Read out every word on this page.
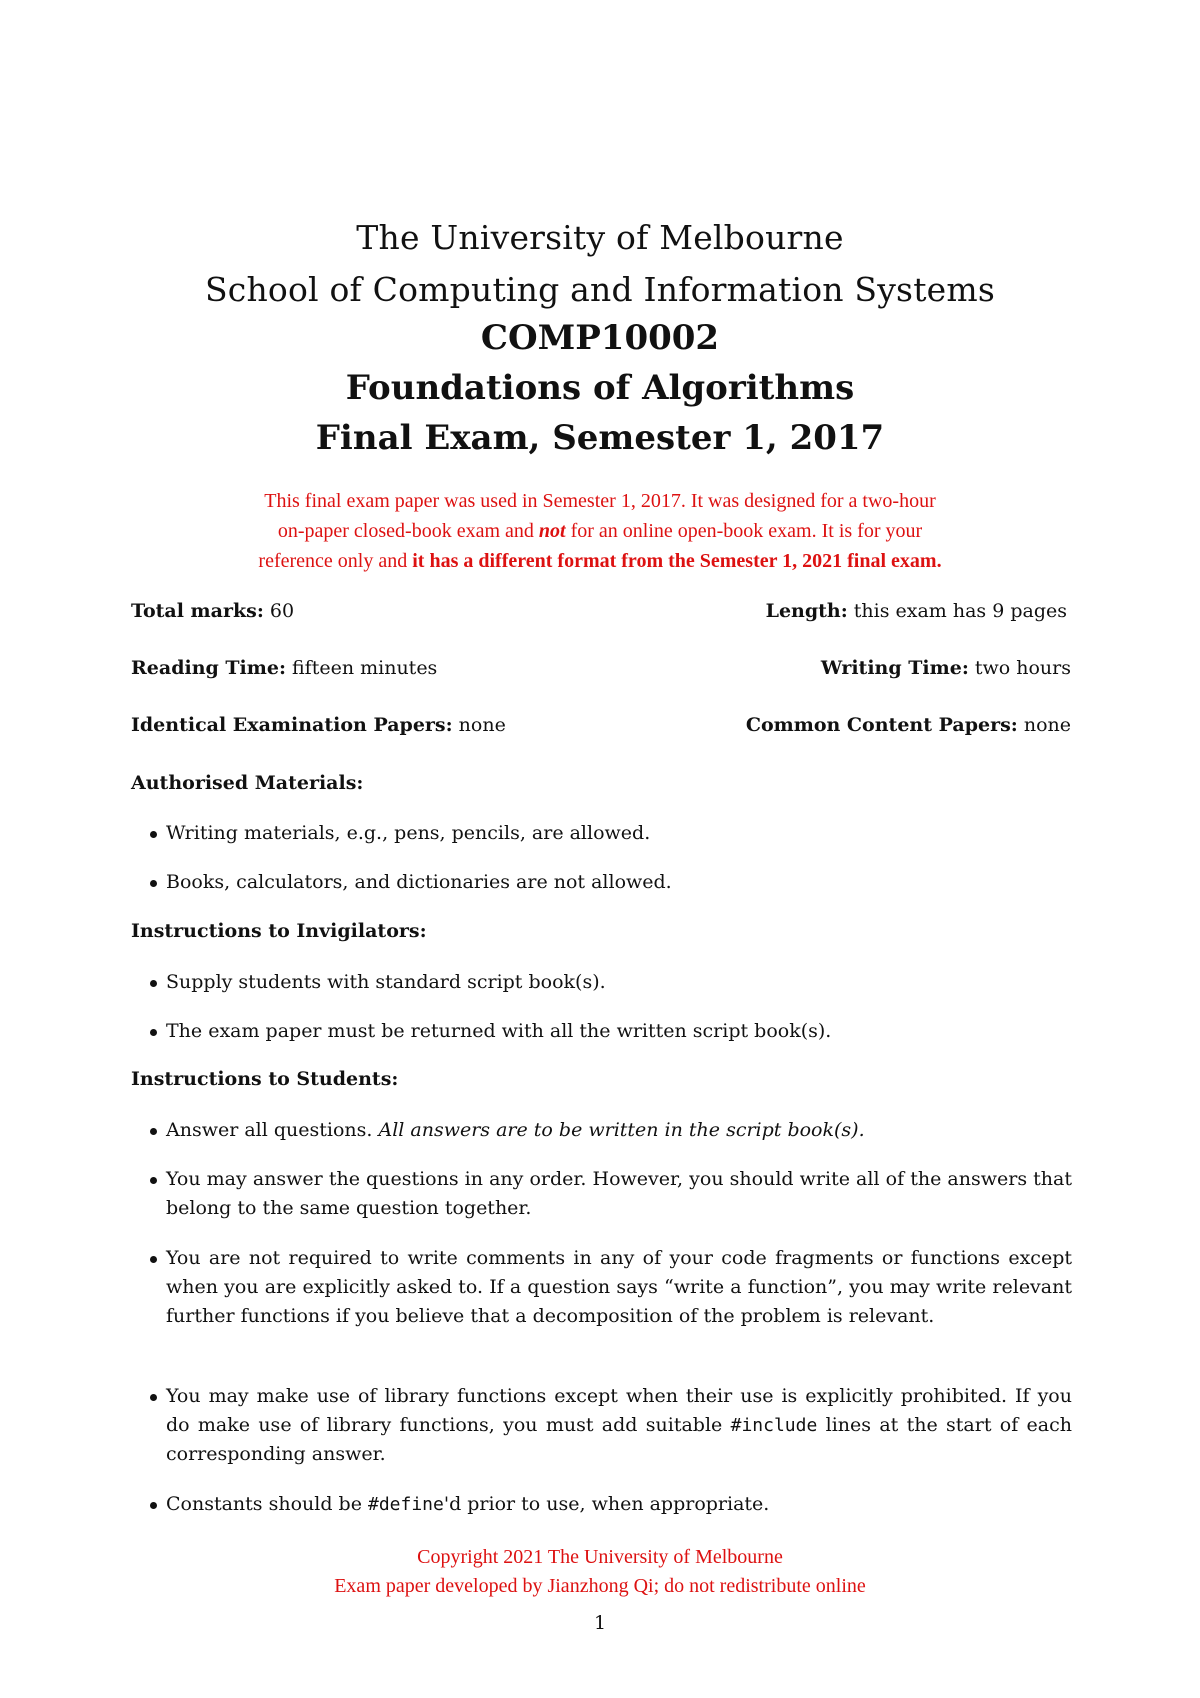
The University of Melbourne
School of Computing and Information Systems
COMP10002
Foundations of Algorithms
Final Exam, Semester 1, 2017
This final exam paper was used in Semester 1, 2017. It was designed for a two-hour
on-paper closed-book exam and not for an online open-book exam. It is for your
reference only and it has a different format from the Semester 1, 2021 final exam.
Total marks: 60	Length: this exam has 9 pages
Reading Time: fifteen minutes	Writing Time: two hours
Identical Examination Papers: none	Common Content Papers: none
Authorised Materials:
Writing materials, e.g., pens, pencils, are allowed.
Books, calculators, and dictionaries are not allowed.
Instructions to Invigilators:
Supply students with standard script book(s).
The exam paper must be returned with all the written script book(s).
Instructions to Students:
Answer all questions. All answers are to be written in the script book(s).
You may answer the questions in any order. However, you should write all of the answers that belong to the same question together.
You are not required to write comments in any of your code fragments or functions except when you are explicitly asked to. If a question says “write a function”, you may write relevant further functions if you believe that a decomposition of the problem is relevant.
You may make use of library functions except when their use is explicitly prohibited. If you do make use of library functions, you must add suitable #include lines at the start of each corresponding answer.
Constants should be #define'd prior to use, when appropriate.
Copyright 2021 The University of Melbourne
Exam paper developed by Jianzhong Qi; do not redistribute online
1
